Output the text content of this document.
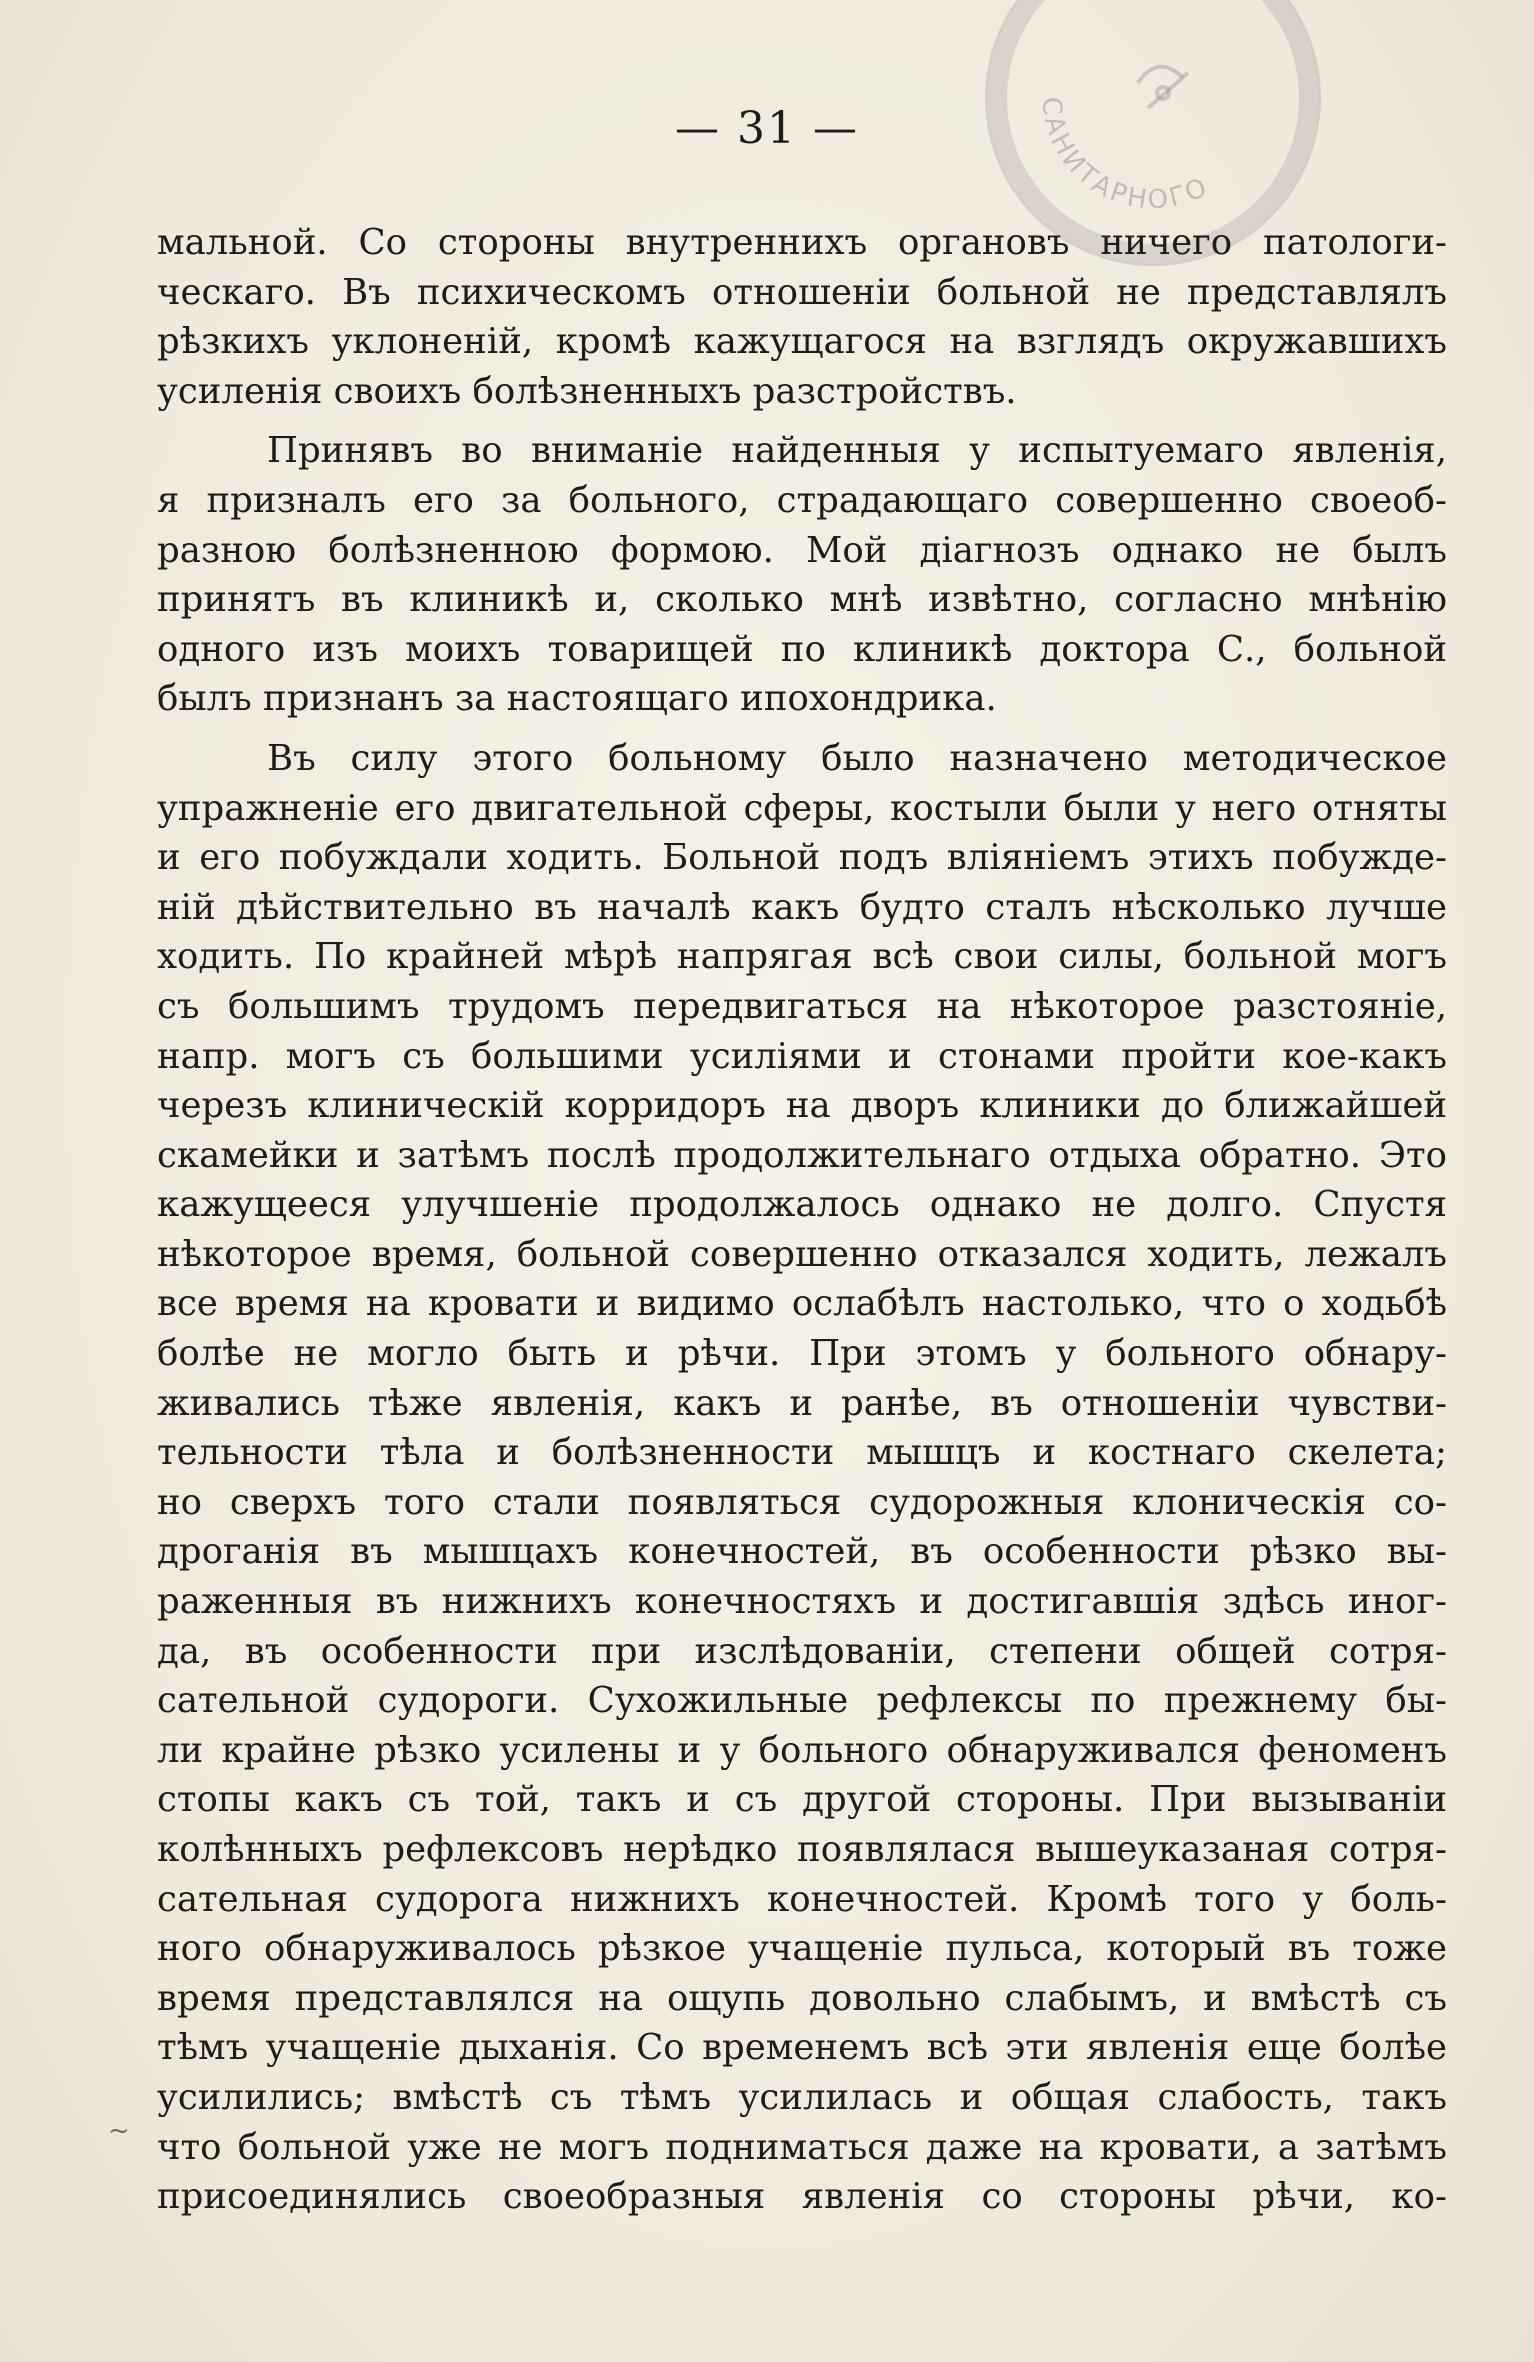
САНИТАРНОГО
— 31 —
мальной. Со стороны внутреннихъ органовъ ничего патологи-
ческаго. Въ психическомъ отношенiи больной не представлялъ
рѣзкихъ уклоненiй, кромѣ кажущагося на взглядъ окружавшихъ
усиленiя своихъ болѣзненныхъ разстройствъ.
Принявъ во вниманiе найденныя у испытуемаго явленiя,
я призналъ его за больного, страдающаго совершенно своеоб-
разною болѣзненною формою. Мой дiагнозъ однако не былъ
принятъ въ клиникѣ и, сколько мнѣ извѣтно, согласно мнѣнiю
одного изъ моихъ товарищей по клиникѣ доктора С., больной
былъ признанъ за настоящаго ипохондрика.
Въ силу этого больному было назначено методическое
упражненiе его двигательной сферы, костыли были у него отняты
и его побуждали ходить. Больной подъ влiянiемъ этихъ побужде-
нiй дѣйствительно въ началѣ какъ будто сталъ нѣсколько лучше
ходить. По крайней мѣрѣ напрягая всѣ свои силы, больной могъ
съ большимъ трудомъ передвигаться на нѣкоторое разстоянiе,
напр. могъ съ большими усилiями и стонами пройти кое-какъ
черезъ клиническiй корридоръ на дворъ клиники до ближайшей
скамейки и затѣмъ послѣ продолжительнаго отдыха обратно. Это
кажущееся улучшенiе продолжалось однако не долго. Спустя
нѣкоторое время, больной совершенно отказался ходить, лежалъ
все время на кровати и видимо ослабѣлъ настолько, что о ходьбѣ
болѣе не могло быть и рѣчи. При этомъ у больного обнару-
живались тѣже явленiя, какъ и ранѣе, въ отношенiи чувстви-
тельности тѣла и болѣзненности мышцъ и костнаго скелета;
но сверхъ того стали появляться судорожныя клоническiя со-
дроганiя въ мышцахъ конечностей, въ особенности рѣзко вы-
раженныя въ нижнихъ конечностяхъ и достигавшiя здѣсь иног-
да, въ особенности при изслѣдованiи, степени общей сотря-
сательной судороги. Сухожильные рефлексы по прежнему бы-
ли крайне рѣзко усилены и у больного обнаруживался феноменъ
стопы какъ съ той, такъ и съ другой стороны. При вызыванiи
колѣнныхъ рефлексовъ нерѣдко появлялася вышеуказаная сотря-
сательная судорога нижнихъ конечностей. Кромѣ того у боль-
ного обнаруживалось рѣзкое учащенiе пульса, который въ тоже
время представлялся на ощупь довольно слабымъ, и вмѣстѣ съ
тѣмъ учащенiе дыханiя. Со временемъ всѣ эти явленiя еще болѣе
усилились; вмѣстѣ съ тѣмъ усилилась и общая слабость, такъ
что больной уже не могъ подниматься даже на кровати, а затѣмъ
присоединялись своеобразныя явленiя со стороны рѣчи, ко-
~
